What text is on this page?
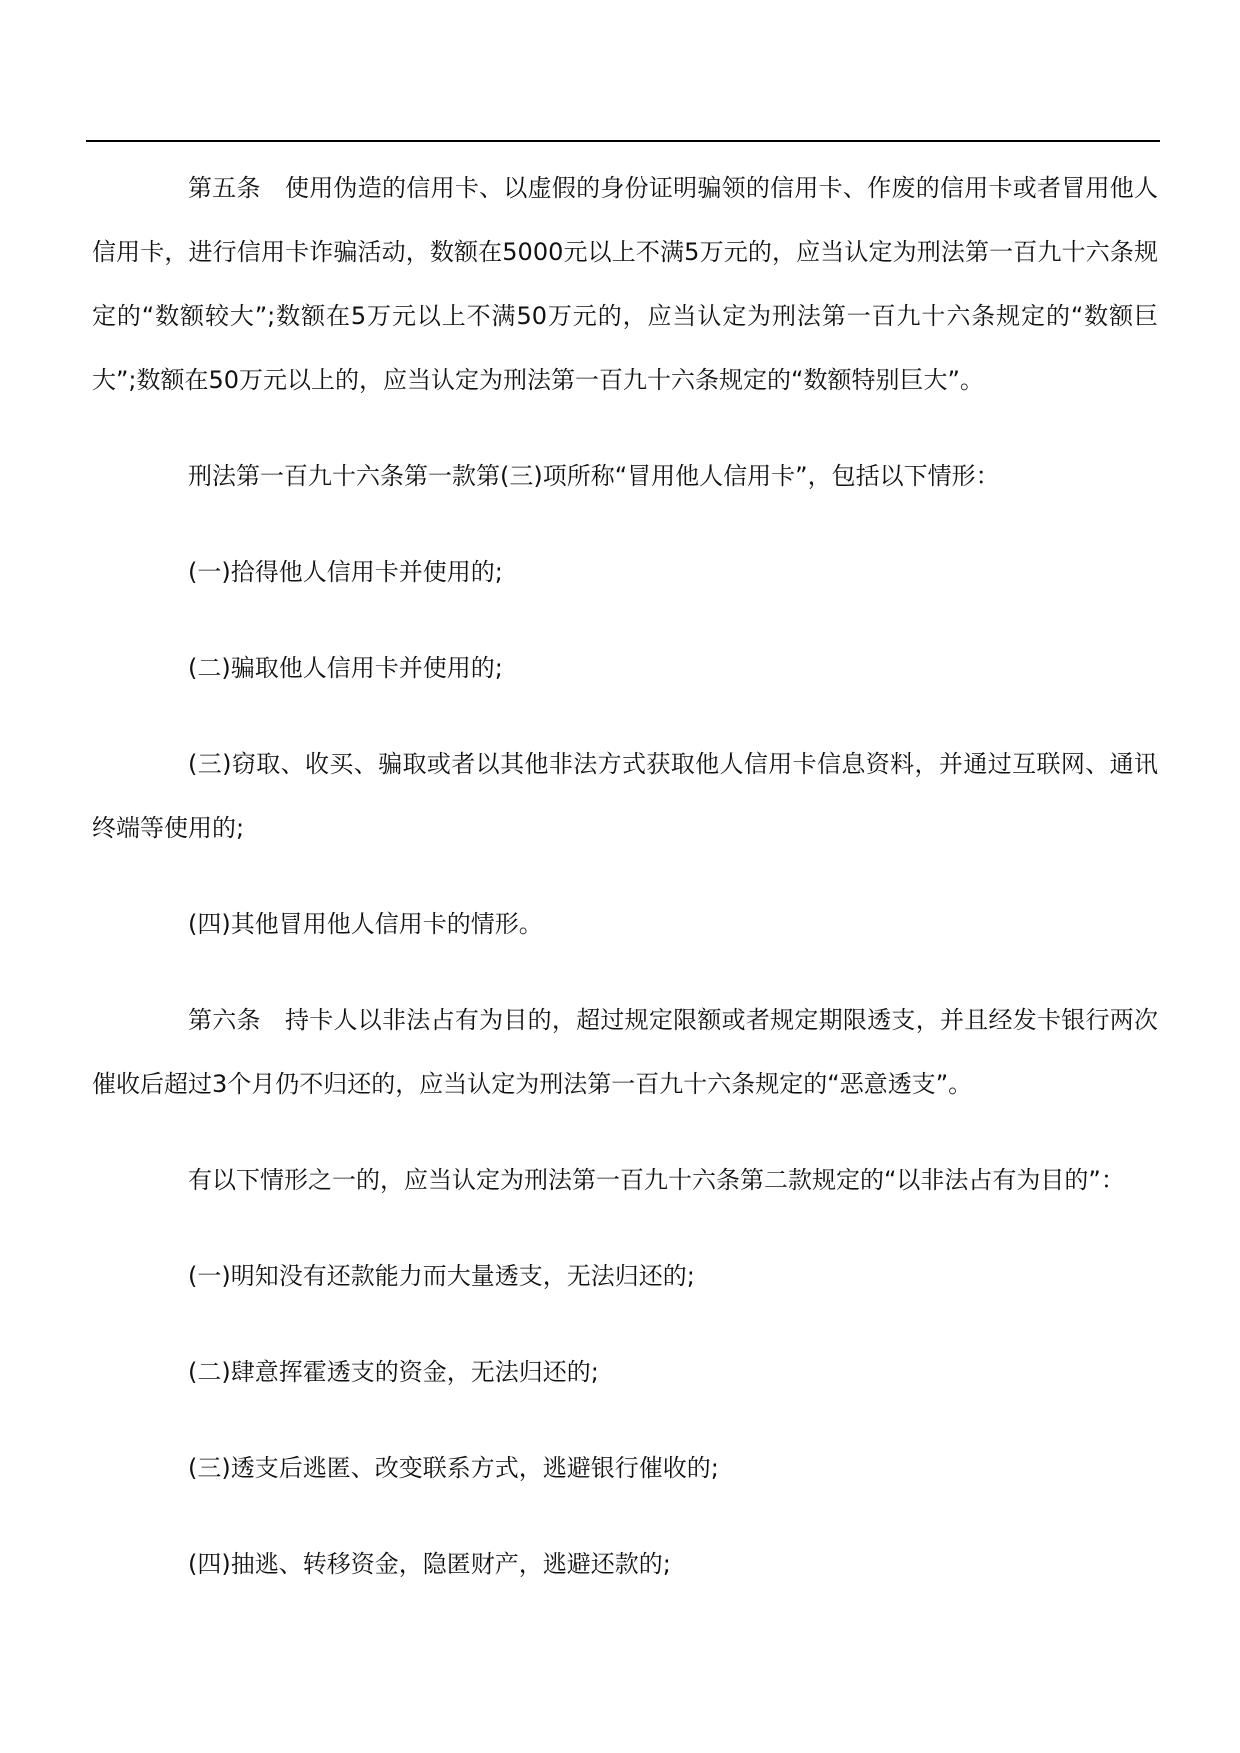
第五条　使用伪造的信用卡、以虚假的身份证明骗领的信用卡、作废的信用卡或者冒用他人信用卡，进行信用卡诈骗活动，数额在5000元以上不满5万元的，应当认定为刑法第一百九十六条规定的“数额较大”;数额在5万元以上不满50万元的，应当认定为刑法第一百九十六条规定的“数额巨大”;数额在50万元以上的，应当认定为刑法第一百九十六条规定的“数额特别巨大”。

刑法第一百九十六条第一款第(三)项所称“冒用他人信用卡”，包括以下情形：

(一)拾得他人信用卡并使用的;

(二)骗取他人信用卡并使用的;

(三)窃取、收买、骗取或者以其他非法方式获取他人信用卡信息资料，并通过互联网、通讯终端等使用的;

(四)其他冒用他人信用卡的情形。

第六条　持卡人以非法占有为目的，超过规定限额或者规定期限透支，并且经发卡银行两次催收后超过3个月仍不归还的，应当认定为刑法第一百九十六条规定的“恶意透支”。

有以下情形之一的，应当认定为刑法第一百九十六条第二款规定的“以非法占有为目的”：

(一)明知没有还款能力而大量透支，无法归还的;

(二)肆意挥霍透支的资金，无法归还的;

(三)透支后逃匿、改变联系方式，逃避银行催收的;

(四)抽逃、转移资金，隐匿财产，逃避还款的;
